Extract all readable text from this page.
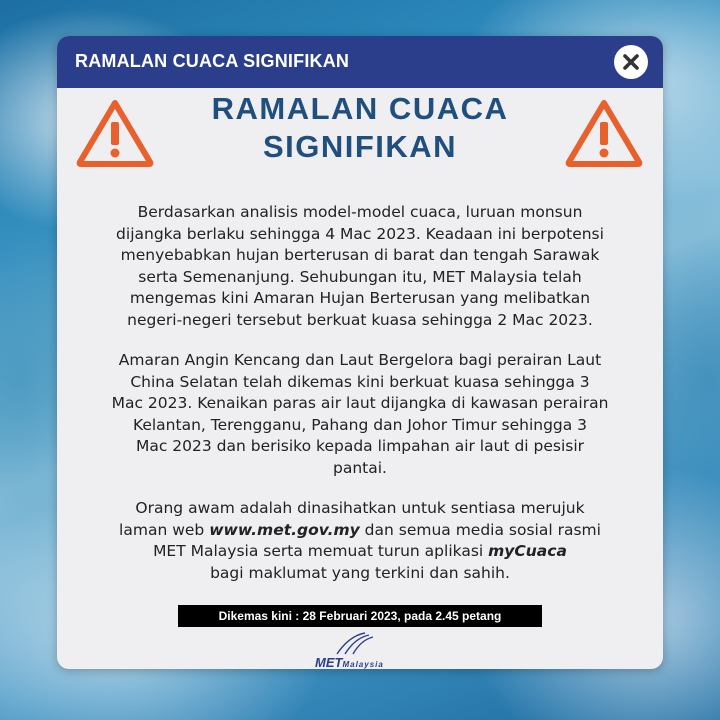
RAMALAN CUACA SIGNIFIKAN
RAMALAN CUACA
SIGNIFIKAN
Berdasarkan analisis model-model cuaca, luruan monsun
dijangka berlaku sehingga 4 Mac 2023. Keadaan ini berpotensi
menyebabkan hujan berterusan di barat dan tengah Sarawak
serta Semenanjung. Sehubungan itu, MET Malaysia telah
mengemas kini Amaran Hujan Berterusan yang melibatkan
negeri-negeri tersebut berkuat kuasa sehingga 2 Mac 2023.
Amaran Angin Kencang dan Laut Bergelora bagi perairan Laut
China Selatan telah dikemas kini berkuat kuasa sehingga 3
Mac 2023. Kenaikan paras air laut dijangka di kawasan perairan
Kelantan, Terengganu, Pahang dan Johor Timur sehingga 3
Mac 2023 dan berisiko kepada limpahan air laut di pesisir
pantai.
Orang awam adalah dinasihatkan untuk sentiasa merujuk
laman web www.met.gov.my dan semua media sosial rasmi
MET Malaysia serta memuat turun aplikasi myCuaca
bagi maklumat yang terkini dan sahih.
Dikemas kini : 28 Februari 2023, pada 2.45 petang
METMalaysia
